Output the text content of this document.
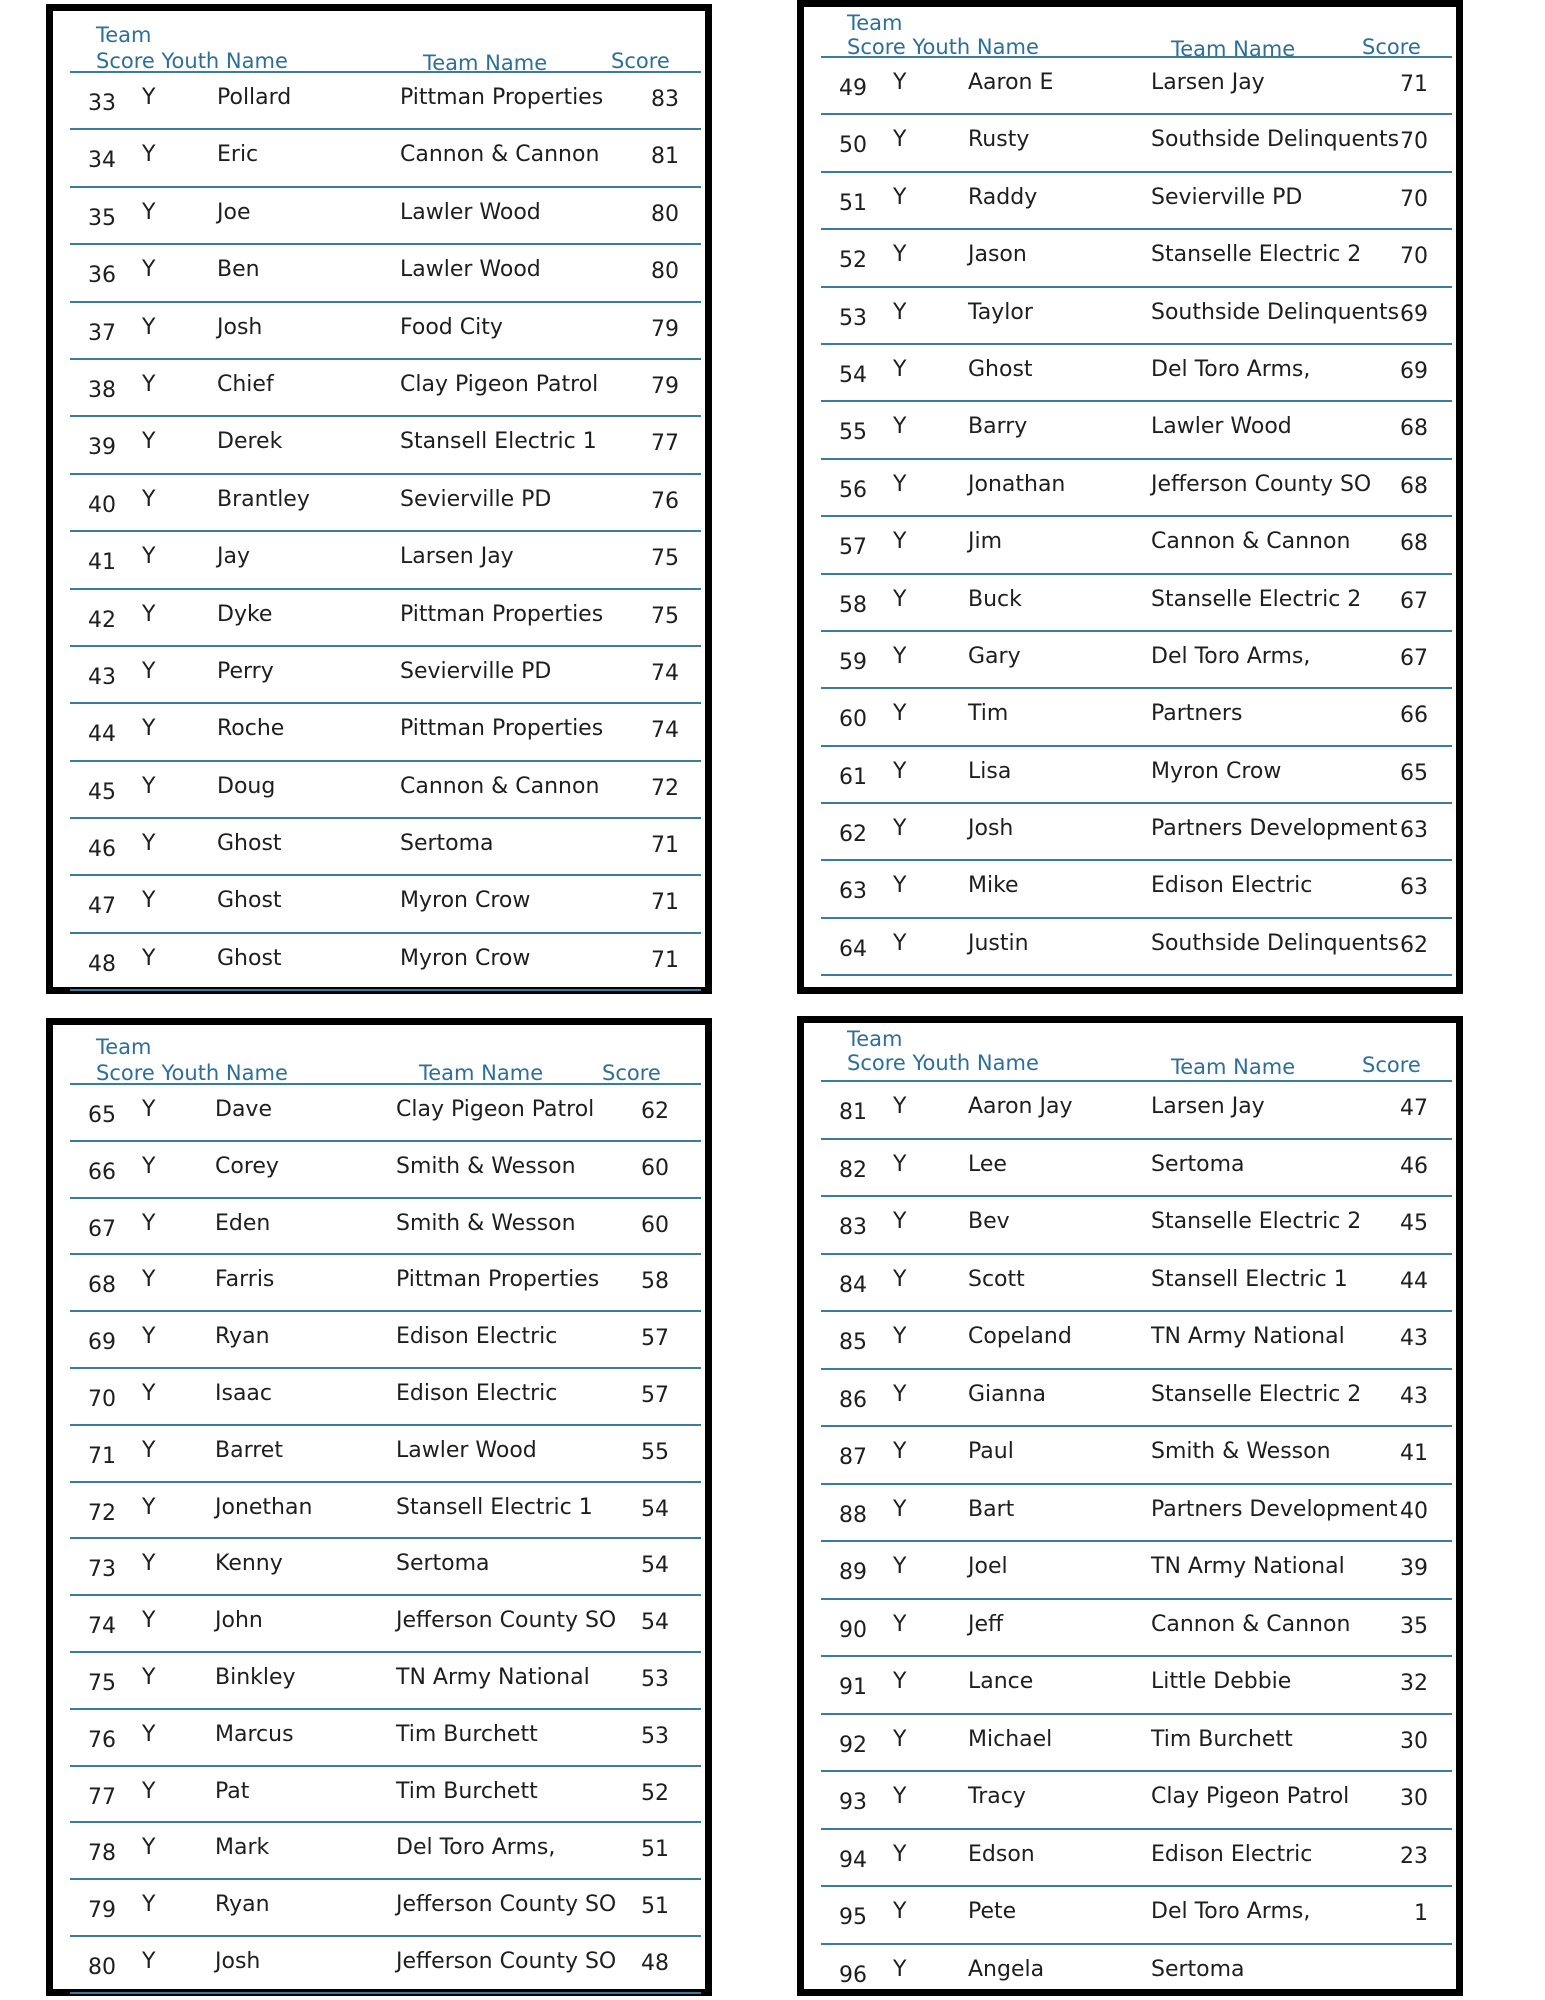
Team
Score Youth Name	Team Name	Score
33 Y	Pollard	Pittman Properties 83
34 Y	Eric	Cannon & Cannon 81
35 Y	Joe	Lawler Wood	80
36 Y	Ben	Lawler Wood	80
37 Y	Josh	Food City	79
38 Y	Chief	Clay Pigeon Patrol 79
39 Y	Derek	Stansell Electric 1 77
40 Y	Brantley	Sevierville PD	76
41 Y	Jay	Larsen Jay	75
42 Y	Dyke	Pittman Properties 75
43 Y	Perry	Sevierville PD	74
44 Y	Roche	Pittman Properties 74
45 Y	Doug	Cannon & Cannon 72
46 Y	Ghost	Sertoma	71
47 Y	Ghost	Myron Crow	71
48 Y	Ghost	Myron Crow	71
Team
Score Youth Name	Team Name	Score
49 Y	Aaron E	Larsen Jay	71
50 Y	Rusty	Southside Delinquents 70
51 Y	Raddy	Sevierville PD	70
52 Y	Jason	Stanselle Electric 2 70
53 Y	Taylor	Southside Delinquents 69
54 Y	Ghost	Del Toro Arms,	69
55 Y	Barry	Lawler Wood	68
56 Y	Jonathan	Jefferson County SO 68
57 Y	Jim	Cannon & Cannon 68
58 Y	Buck	Stanselle Electric 2 67
59 Y	Gary	Del Toro Arms,	67
60 Y	Tim	Partners	66
61 Y	Lisa	Myron Crow	65
62 Y	Josh	Partners Development 63
63 Y	Mike	Edison Electric	63
64 Y	Justin	Southside Delinquents 62
Team
Score Youth Name	Team Name	Score
65 Y	Dave	Clay Pigeon Patrol 62
66 Y	Corey	Smith & Wesson	60
67 Y	Eden	Smith & Wesson	60
68 Y	Farris	Pittman Properties 58
69 Y	Ryan	Edison Electric	57
70 Y	Isaac	Edison Electric	57
71 Y	Barret	Lawler Wood	55
72 Y	Jonethan	Stansell Electric 1 54
73 Y	Kenny	Sertoma	54
74 Y	John	Jefferson County SO 54
75 Y	Binkley	TN Army National 53
76 Y	Marcus	Tim Burchett	53
77 Y	Pat	Tim Burchett	52
78 Y	Mark	Del Toro Arms,	51
79 Y	Ryan	Jefferson County SO 51
80 Y	Josh	Jefferson County SO 48
Team
Score Youth Name	Team Name	Score
81 Y	Aaron Jay	Larsen Jay	47
82 Y	Lee	Sertoma	46
83 Y	Bev	Stanselle Electric 2 45
84 Y	Scott	Stansell Electric 1 44
85 Y	Copeland	TN Army National	43
86 Y	Gianna	Stanselle Electric 2 43
87 Y	Paul	Smith & Wesson	41
88 Y	Bart	Partners Development 40
89 Y	Joel	TN Army National	39
90 Y	Jeff	Cannon & Cannon 35
91 Y	Lance	Little Debbie	32
92 Y	Michael	Tim Burchett	30
93 Y	Tracy	Clay Pigeon Patrol 30
94 Y	Edson	Edison Electric	23
95 Y	Pete	Del Toro Arms,	1
96 Y	Angela	Sertoma
